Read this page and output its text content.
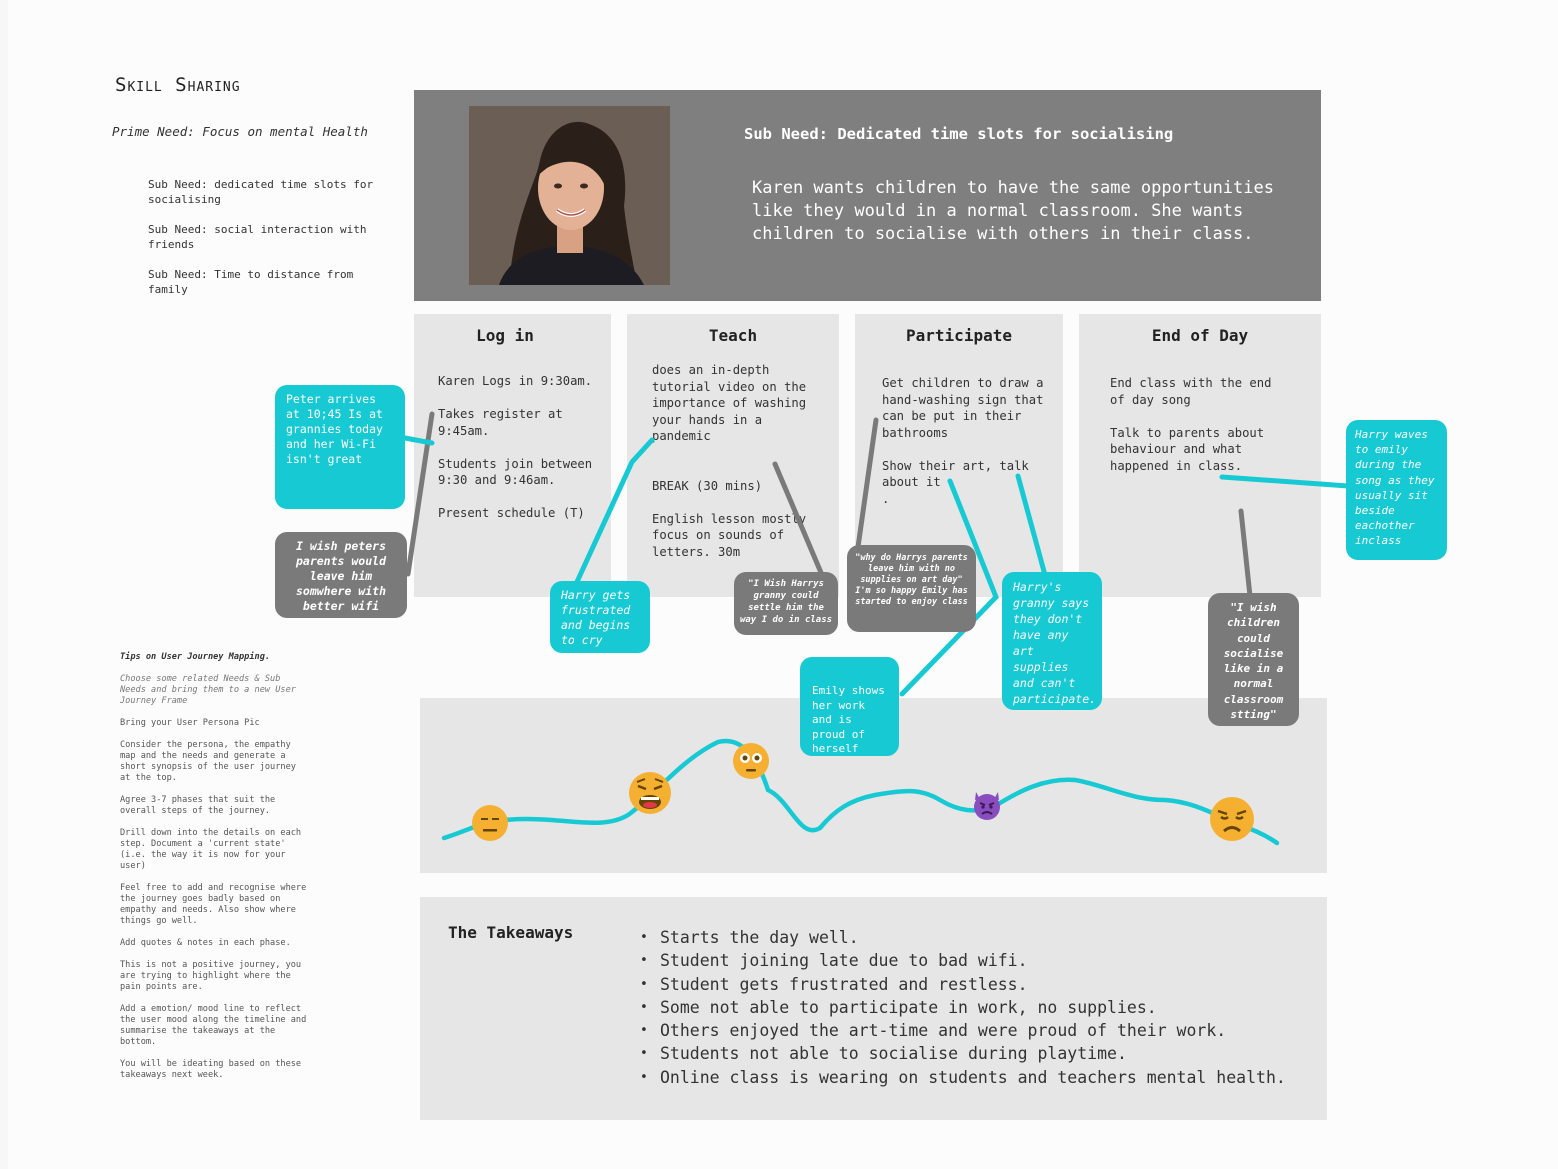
Skill Sharing
Prime Need: Focus on mental Health
Sub Need: dedicated time slots for socialising
Sub Need: social interaction with friends
Sub Need: Time to distance from family

Tips on User Journey Mapping.

Choose some related Needs & Sub Needs and bring them to a new User Journey Frame

Bring your User Persona Pic

Consider the persona, the empathy map and the needs and generate a short synopsis of the user journey at the top.

Agree 3-7 phases that suit the overall steps of the journey.

Drill down into the details on each step. Document a 'current state' (i.e. the way it is now for your user)

Feel free to add and recognise where the journey goes badly based on empathy and needs. Also show where things go well.

Add quotes & notes in each phase.

This is not a positive journey, you are trying to highlight where the pain points are.

Add a emotion/ mood line to reflect the user mood along the timeline and summarise the takeaways at the bottom.

You will be ideating based on these takeaways next week.

Sub Need: Dedicated time slots for socialising
Karen wants children to have the same opportunities like they would in a normal classroom. She wants children to socialise with others in their class.
Log in
Karen Logs in 9:30am.

Takes register at 9:45am.

Students join between 9:30 and 9:46am.

Present schedule (T)
Teach
does an in-depth tutorial video on the importance of washing your hands in a pandemic

BREAK (30 mins)

English lesson mostly focus on sounds of letters. 30m
Participate
Get children to draw a hand-washing sign that can be put in their bathrooms

Show their art, talk about it
.
End of Day
End class with the end of day song

Talk to parents about behaviour and what happened in class.
The Takeaways
•	Starts the day well.
• Student joining late due to bad wifi.
• Student gets frustrated and restless.
• Some not able to participate in work, no supplies.
• Others enjoyed the art-time and were proud of their work.
• Students not able to socialise during playtime.
• Online class is wearing on students and teachers mental health.
Peter arrives at 10;45 Is at grannies today and her Wi-Fi isn't great
I wish peters parents would leave him somwhere with better wifi
Harry gets frustrated and begins to cry
"I Wish Harrys granny could settle him the way I do in class
"why do Harrys parents leave him with no supplies on art day" I'm so happy Emily has started to enjoy class
Emily shows her work and is proud of herself
Harry's granny says they don't have any art supplies and can't participate.
"I wish children could socialise like in a normal classroom stting"
Harry waves to emily during the song as they usually sit beside eachother inclass
